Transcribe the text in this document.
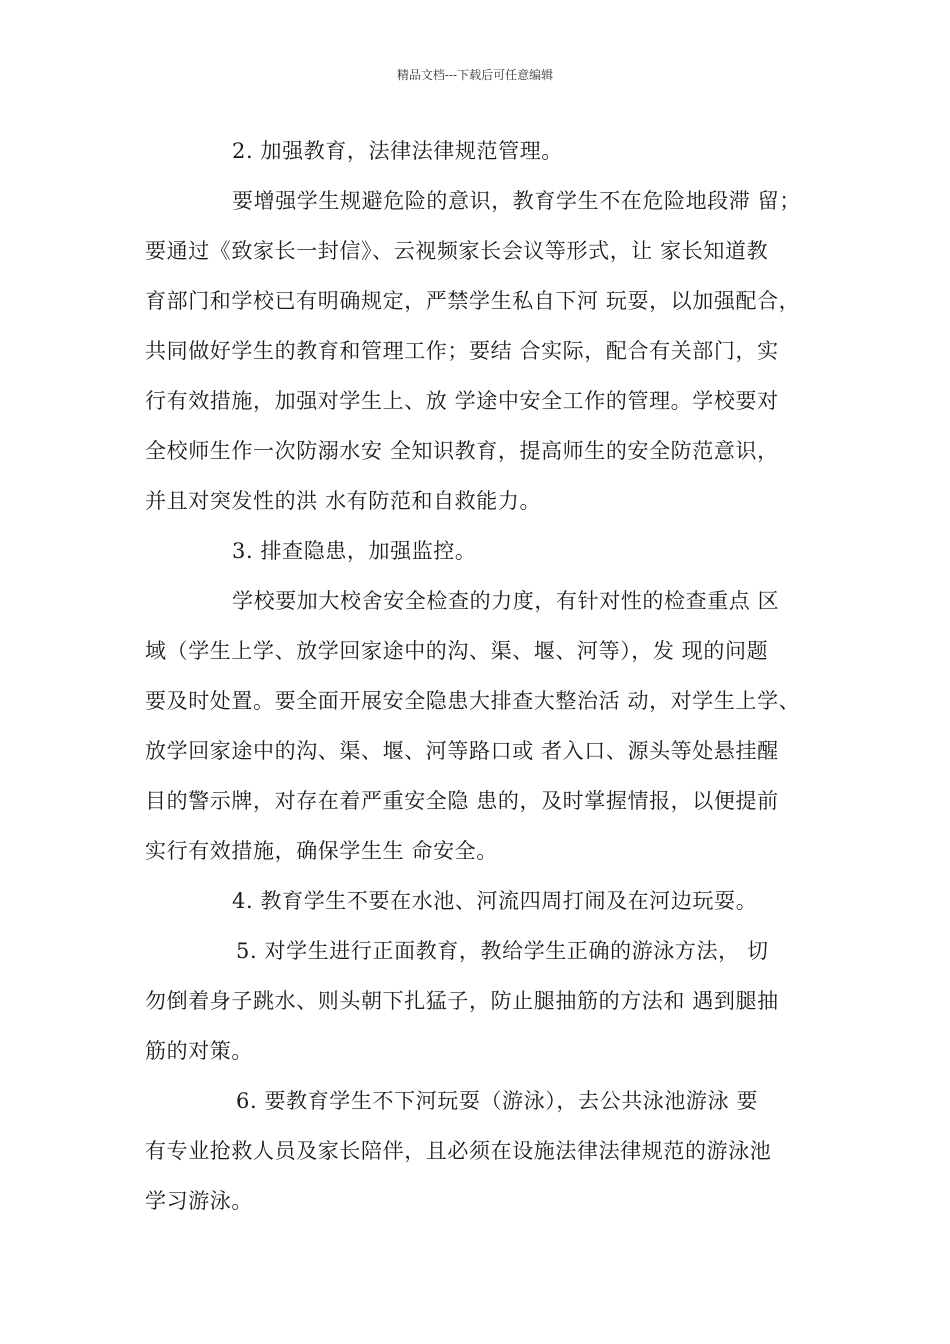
精品文档---下载后可任意编辑
2. 加强教育，法律法律规范管理。
要增强学生规避危险的意识，教育学生不在危险地段滞 留；
要通过《致家长一封信》、云视频家长会议等形式，让 家长知道教
育部门和学校已有明确规定，严禁学生私自下河 玩耍，以加强配合，
共同做好学生的教育和管理工作；要结 合实际，配合有关部门，实
行有效措施，加强对学生上、放 学途中安全工作的管理。学校要对
全校师生作一次防溺水安 全知识教育，提高师生的安全防范意识，
并且对突发性的洪 水有防范和自救能力。
3. 排查隐患，加强监控。
学校要加大校舍安全检查的力度，有针对性的检查重点 区
域（学生上学、放学回家途中的沟、渠、堰、河等），发 现的问题
要及时处置。要全面开展安全隐患大排查大整治活 动，对学生上学、
放学回家途中的沟、渠、堰、河等路口或 者入口、源头等处悬挂醒
目的警示牌，对存在着严重安全隐 患的，及时掌握情报，以便提前
实行有效措施，确保学生生 命安全。
4. 教育学生不要在水池、河流四周打闹及在河边玩耍。
5. 对学生进行正面教育，教给学生正确的游泳方法， 切
勿倒着身子跳水、则头朝下扎猛子，防止腿抽筋的方法和 遇到腿抽
筋的对策。
6. 要教育学生不下河玩耍（游泳），去公共泳池游泳 要
有专业抢救人员及家长陪伴，且必须在设施法律法律规范的游泳池
学习游泳。
